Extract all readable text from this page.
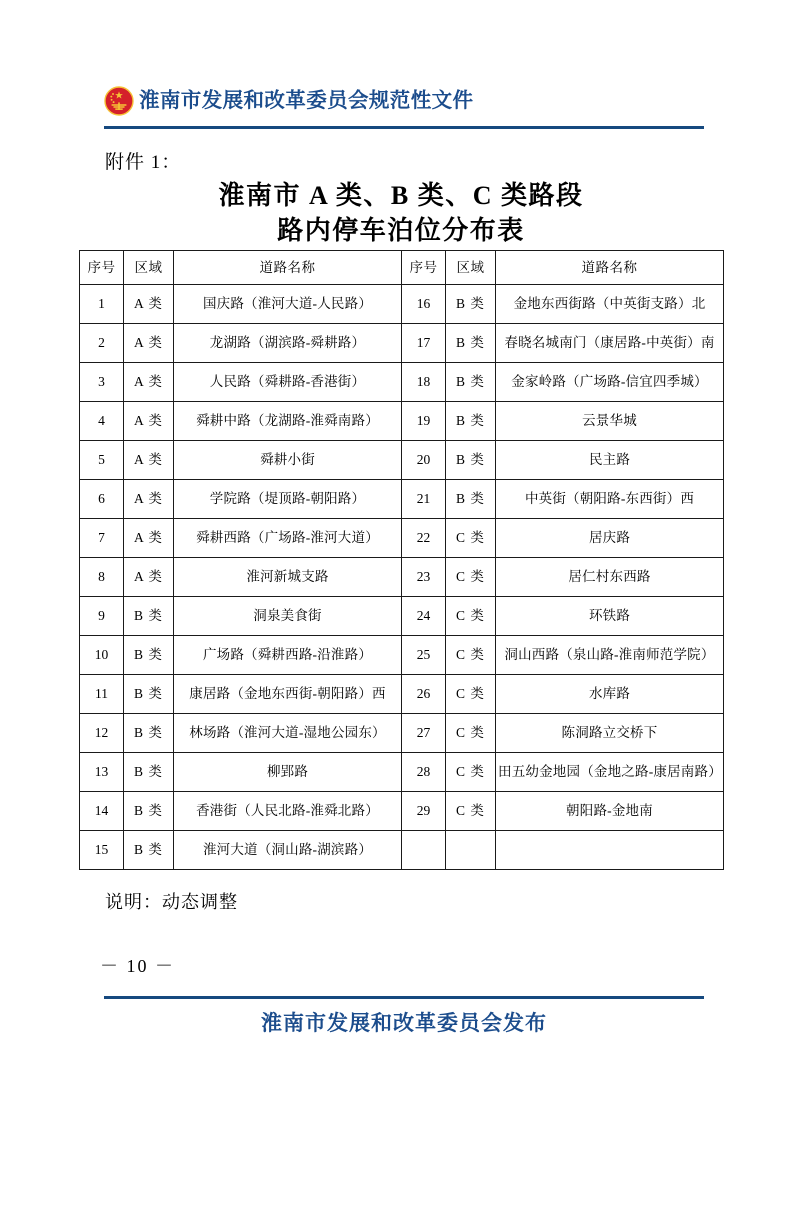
淮南市发展和改革委员会规范性文件
附件 1：
淮南市 A 类、B 类、C 类路段
路内停车泊位分布表
序号	区域	道路名称	序号	区域	道路名称
1	A 类	国庆路（淮河大道-人民路）	16	B 类	金地东西街路（中英街支路）北
2	A 类	龙湖路（湖滨路-舜耕路）	17	B 类	春晓名城南门（康居路-中英街）南
3	A 类	人民路（舜耕路-香港街）	18	B 类	金家岭路（广场路-信宜四季城）
4	A 类	舜耕中路（龙湖路-淮舜南路）	19	B 类	云景华城
5	A 类	舜耕小街	20	B 类	民主路
6	A 类	学院路（堤顶路-朝阳路）	21	B 类	中英街（朝阳路-东西街）西
7	A 类	舜耕西路（广场路-淮河大道）	22	C 类	居庆路
8	A 类	淮河新城支路	23	C 类	居仁村东西路
9	B 类	洞泉美食街	24	C 类	环铁路
10	B 类	广场路（舜耕西路-沿淮路）	25	C 类	洞山西路（泉山路-淮南师范学院）
11	B 类	康居路（金地东西街-朝阳路）西	26	C 类	水库路
12	B 类	林场路（淮河大道-湿地公园东）	27	C 类	陈洞路立交桥下
13	B 类	柳郢路	28	C 类	田五幼金地园（金地之路-康居南路）
14	B 类	香港街（人民北路-淮舜北路）	29	C 类	朝阳路-金地南
15	B 类	淮河大道（洞山路-湖滨路）			
说明：动态调整
－ 10 －
淮南市发展和改革委员会发布
